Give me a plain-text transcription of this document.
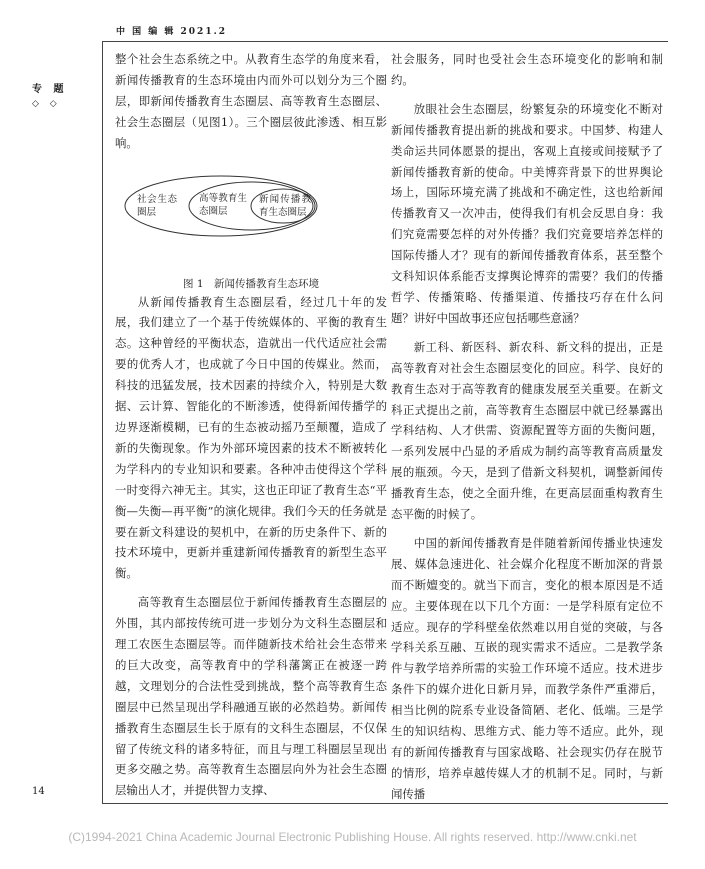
中 国 编 辑 2021.2
专 题
◇ ◇
14

整个社会生态系统之中。从教育生态学的角度来看，新闻传播教育的生态环境由内而外可以划分为三个圈层，即新闻传播教育生态圈层、高等教育生态圈层、社会生态圈层（见图1）。三个圈层彼此渗透、相互影响。

社会生态圈层
高等教育生态圈层
新闻传播教育生态圈层

图 1　新闻传播教育生态环境

从新闻传播教育生态圈层看，经过几十年的发展，我们建立了一个基于传统媒体的、平衡的教育生态。这种曾经的平衡状态，造就出一代代适应社会需要的优秀人才，也成就了今日中国的传媒业。然而，科技的迅猛发展，技术因素的持续介入，特别是大数据、云计算、智能化的不断渗透，使得新闻传播学的边界逐渐模糊，已有的生态被动摇乃至颠覆，造成了新的失衡现象。作为外部环境因素的技术不断被转化为学科内的专业知识和要素。各种冲击使得这个学科一时变得六神无主。其实，这也正印证了教育生态“平衡—失衡—再平衡”的演化规律。我们今天的任务就是要在新文科建设的契机中，在新的历史条件下、新的技术环境中，更新并重建新闻传播教育的新型生态平衡。

高等教育生态圈层位于新闻传播教育生态圈层的外围，其内部按传统可进一步划分为文科生态圈层和理工农医生态圈层等。而伴随新技术给社会生态带来的巨大改变，高等教育中的学科藩篱正在被逐一跨越，文理划分的合法性受到挑战，整个高等教育生态圈层中已然呈现出学科融通互嵌的必然趋势。新闻传播教育生态圈层生长于原有的文科生态圈层，不仅保留了传统文科的诸多特征，而且与理工科圈层呈现出更多交融之势。高等教育生态圈层向外为社会生态圈层输出人才，并提供智力支撑、

社会服务，同时也受社会生态环境变化的影响和制约。

放眼社会生态圈层，纷繁复杂的环境变化不断对新闻传播教育提出新的挑战和要求。中国梦、构建人类命运共同体愿景的提出，客观上直接或间接赋予了新闻传播教育新的使命。中美博弈背景下的世界舆论场上，国际环境充满了挑战和不确定性，这也给新闻传播教育又一次冲击，使得我们有机会反思自身：我们究竟需要怎样的对外传播？我们究竟要培养怎样的国际传播人才？现有的新闻传播教育体系，甚至整个文科知识体系能否支撑舆论博弈的需要？我们的传播哲学、传播策略、传播渠道、传播技巧存在什么问题？讲好中国故事还应包括哪些意涵？

新工科、新医科、新农科、新文科的提出，正是高等教育对社会生态圈层变化的回应。科学、良好的教育生态对于高等教育的健康发展至关重要。在新文科正式提出之前，高等教育生态圈层中就已经暴露出学科结构、人才供需、资源配置等方面的失衡问题，一系列发展中凸显的矛盾成为制约高等教育高质量发展的瓶颈。今天，是到了借新文科契机，调整新闻传播教育生态，使之全面升维，在更高层面重构教育生态平衡的时候了。

中国的新闻传播教育是伴随着新闻传播业快速发展、媒体急速进化、社会媒介化程度不断加深的背景而不断嬗变的。就当下而言，变化的根本原因是不适应。主要体现在以下几个方面：一是学科原有定位不适应。现存的学科壁垒依然难以用自觉的突破，与各学科关系互融、互嵌的现实需求不适应。二是教学条件与教学培养所需的实验工作环境不适应。技术进步条件下的媒介进化日新月异，而教学条件严重滞后，相当比例的院系专业设备简陋、老化、低端。三是学生的知识结构、思维方式、能力等不适应。此外，现有的新闻传播教育与国家战略、社会现实仍存在脱节的情形，培养卓越传媒人才的机制不足。同时，与新闻传播

(C)1994-2021 China Academic Journal Electronic Publishing House. All rights reserved. http://www.cnki.net
